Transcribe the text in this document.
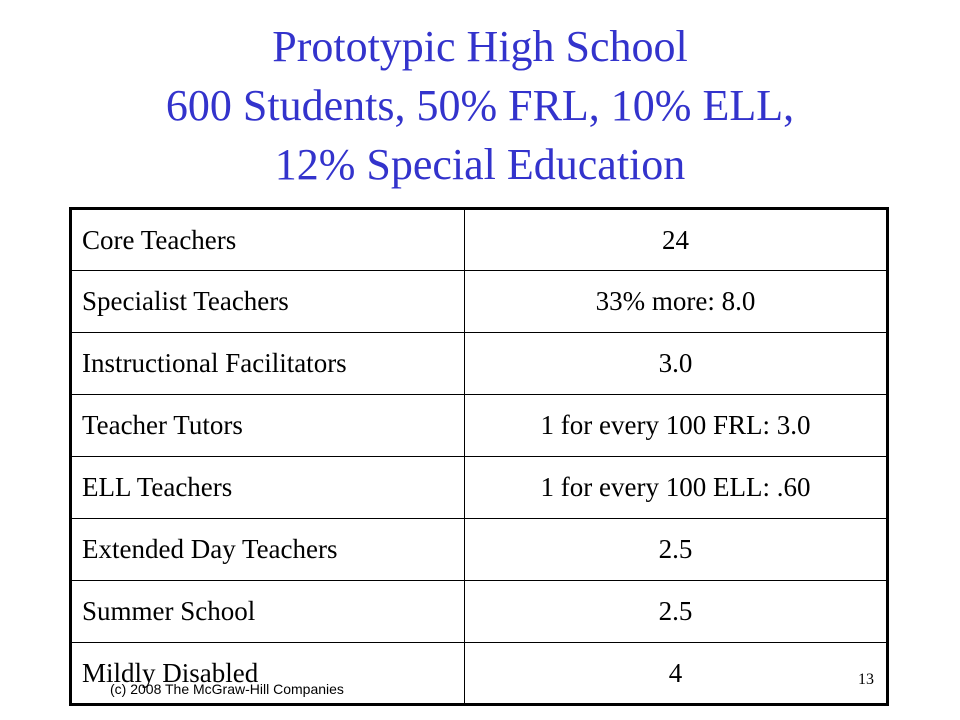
Prototypic High School
600 Students, 50% FRL, 10% ELL,
12% Special Education
Core Teachers	24
Specialist Teachers	33% more: 8.0
Instructional Facilitators	3.0
Teacher Tutors	1 for every 100 FRL: 3.0
ELL Teachers	1 for every 100 ELL: .60
Extended Day Teachers	2.5
Summer School	2.5
Mildly Disabled	4
(c) 2008 The McGraw-Hill Companies
13
